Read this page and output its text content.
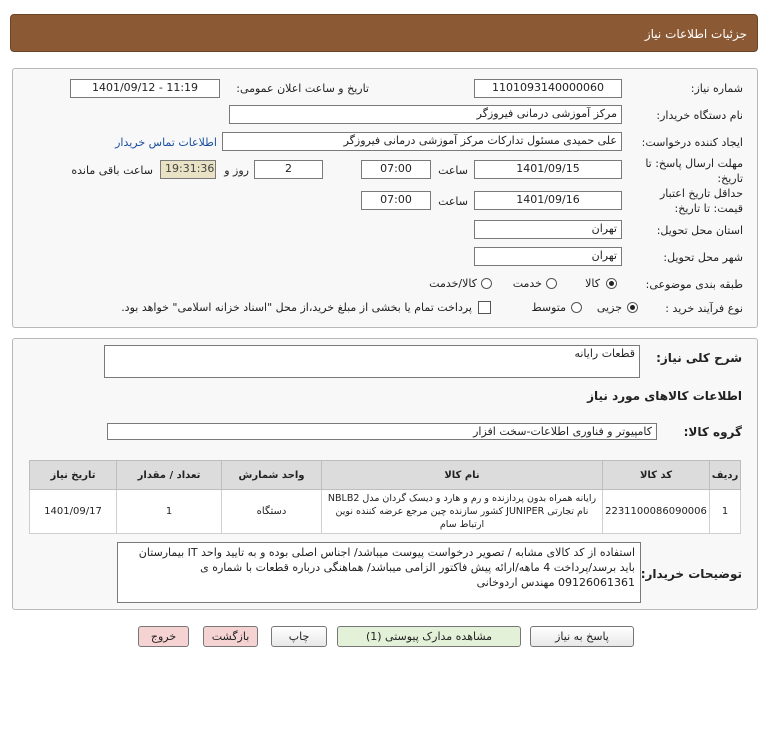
جزئیات اطلاعات نیاز
شماره نیاز:
1101093140000060
تاریخ و ساعت اعلان عمومی:
1401/09/12 - 11:19
نام دستگاه خریدار:
مرکز آموزشی درمانی فیروزگر
ایجاد کننده درخواست:
علی حمیدی مسئول تدارکات مرکز آموزشی درمانی فیروزگر
اطلاعات تماس خریدار
مهلت ارسال پاسخ: تا
تاریخ:
1401/09/15
ساعت
07:00
2
روز و
19:31:36
ساعت باقی مانده
حداقل تاریخ اعتبار
قیمت: تا تاریخ:
1401/09/16
ساعت
07:00
استان محل تحویل:
تهران
شهر محل تحویل:
تهران
طبقه بندی موضوعی:
کالا
خدمت
کالا/خدمت
نوع فرآیند خرید :
جزیی
متوسط
پرداخت تمام یا بخشی از مبلغ خرید،از محل "اسناد خزانه اسلامی" خواهد بود.
شرح کلی نیاز:
قطعات رایانه
اطلاعات کالاهای مورد نیاز
گروه کالا:
کامپیوتر و فناوری اطلاعات-سخت افزار
ردیف	کد کالا	نام کالا	واحد شمارش	تعداد / مقدار	تاریخ نیاز
1	2231100086090006	رایانه همراه بدون پردازنده و رم و هارد و دیسک گردان مدل NBLB2 نام تجارتی JUNIPER کشور سازنده چین مرجع عرضه کننده نوین ارتباط سام	دستگاه	1	1401/09/17
توضیحات خریدار:
استفاده از کد کالای مشابه / تصویر درخواست پیوست میباشد/ اجناس اصلی بوده و به تایید واحد IT بیمارستان باید برسد/پرداخت 4 ماهه/ارائه پیش فاکتور الزامی میباشد/ هماهنگی درباره قطعات با شماره ی 09126061361 مهندس اردوخانی
پاسخ به نیاز
مشاهده مدارک پیوستی (1)
چاپ
بازگشت
خروج
